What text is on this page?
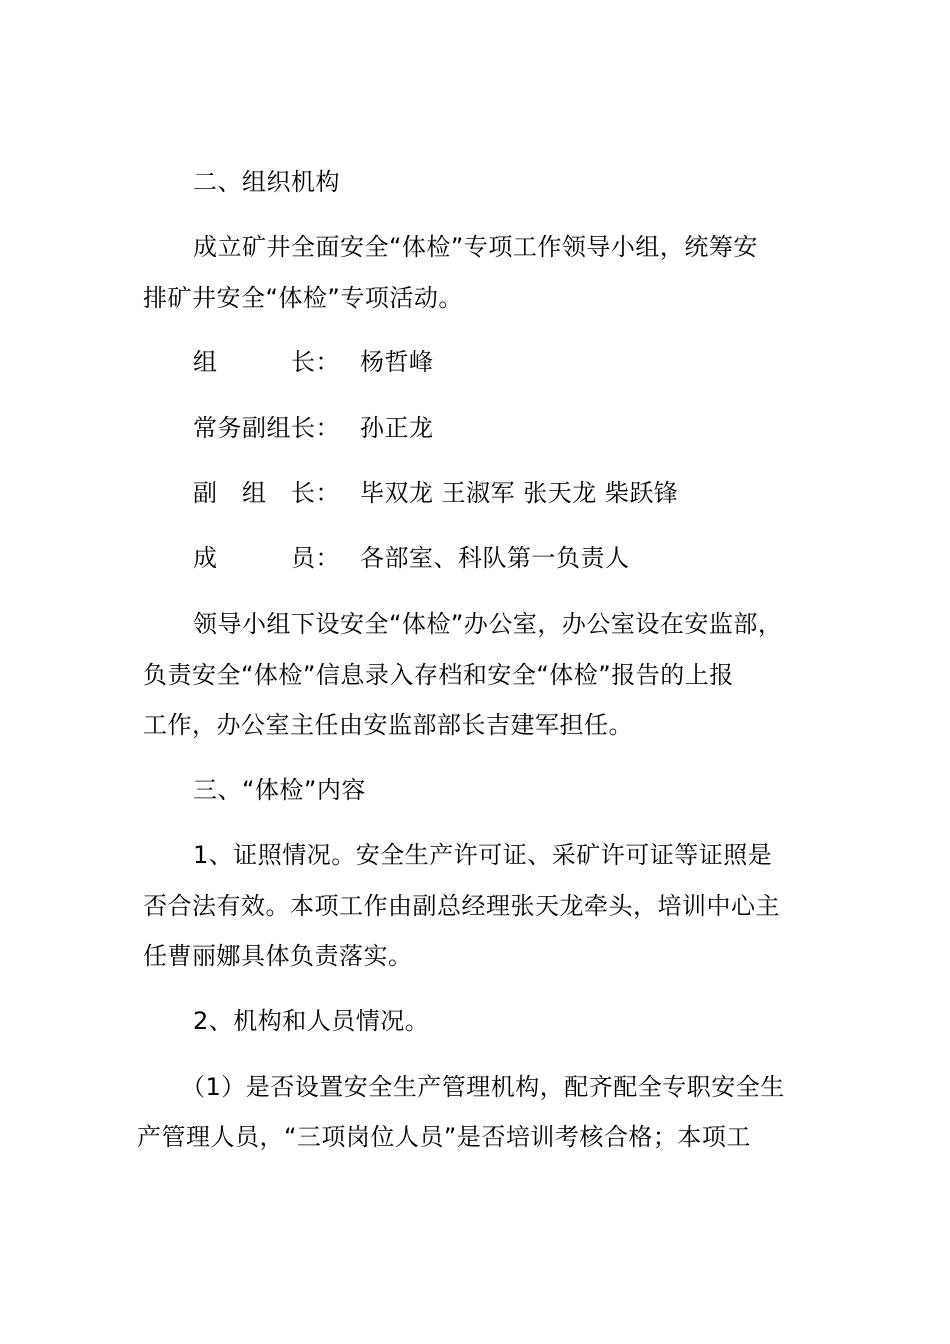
二、组织机构
成立矿井全面安全“体检”专项工作领导小组，统筹安
排矿井安全“体检”专项活动。
组　　　长： 杨哲峰
常务副组长： 孙正龙
副　组　长： 毕双龙 王淑军 张天龙 柴跃锋
成　　　员： 各部室、科队第一负责人
领导小组下设安全“体检”办公室，办公室设在安监部，
负责安全“体检”信息录入存档和安全“体检”报告的上报
工作，办公室主任由安监部部长吉建军担任。
三、“体检”内容
1、证照情况。安全生产许可证、采矿许可证等证照是
否合法有效。本项工作由副总经理张天龙牵头，培训中心主
任曹丽娜具体负责落实。
2、机构和人员情况。
（1）是否设置安全生产管理机构，配齐配全专职安全生
产管理人员，“三项岗位人员”是否培训考核合格；本项工
